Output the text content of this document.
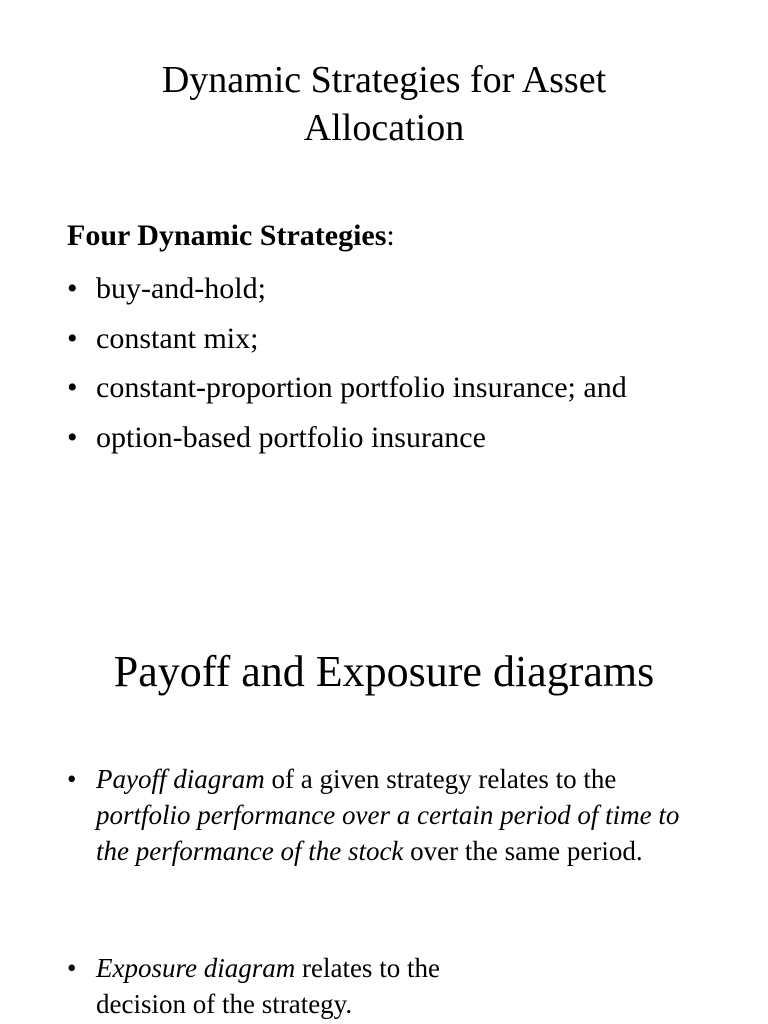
Dynamic Strategies for Asset
Allocation
Four Dynamic Strategies:
• buy-and-hold;
• constant mix;
• constant-proportion portfolio insurance; and
• option-based portfolio insurance
Payoff and Exposure diagrams
• Payoff diagram of a given strategy relates to the portfolio performance over a certain period of time to the performance of the stock over the same period.
• Exposure diagram relates to the decision of the strategy.
